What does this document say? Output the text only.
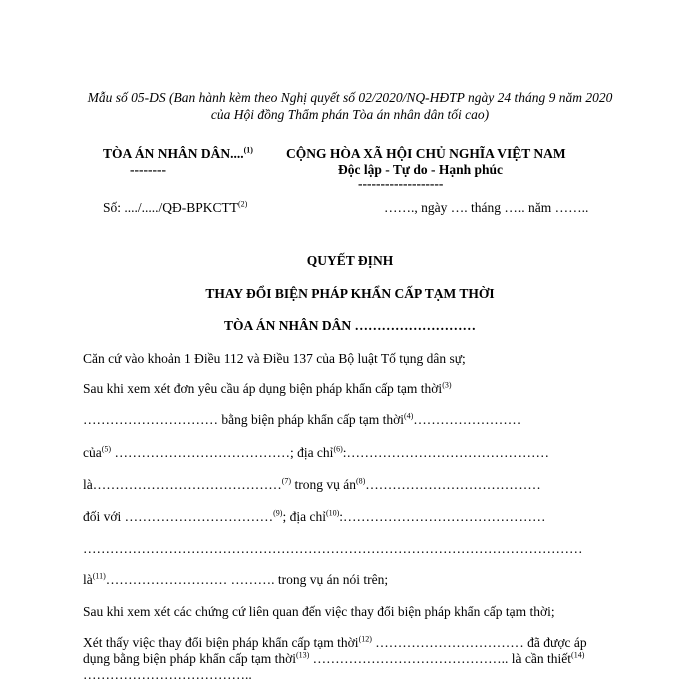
Mẫu số 05-DS (Ban hành kèm theo Nghị quyết số 02/2020/NQ-HĐTP ngày 24 tháng 9 năm 2020
của Hội đồng Thẩm phán Tòa án nhân dân tối cao)
TÒA ÁN NHÂN DÂN....$^{(1)}$
--------
CỘNG HÒA XÃ HỘI CHỦ NGHĨA VIỆT NAM
Độc lập - Tự do - Hạnh phúc
-------------------
Số: ..../...../QĐ-BPKCTT$^{(2)}$	……., ngày …. tháng ….. năm ……..
QUYẾT ĐỊNH
THAY ĐỔI BIỆN PHÁP KHẨN CẤP TẠM THỜI
TÒA ÁN NHÂN DÂN ………………………
Căn cứ vào khoản 1 Điều 112 và Điều 137 của Bộ luật Tố tụng dân sự;
Sau khi xem xét đơn yêu cầu áp dụng biện pháp khẩn cấp tạm thời$^{(3)}$
………………………… bằng biện pháp khẩn cấp tạm thời$^{(4)}$……………………
của$^{(5)}$ …………………………………; địa chỉ$^{(6)}$:………………………………………
là……………………………………$^{(7)}$ trong vụ $án^{(8)}\dots\dots\dots\dots\dots\dots\dots\dots\dots\dots\dots\dots\dots$
đối với ……………………………$^{(9)}$; địa chỉ$^{(10)}$:………………………………………
…………………………………………………………………………………………………
$là^{(11)}\dots\dots\dots\dots\dots\dots\dots\dots\dots$ ………. trong vụ án nói trên;
Sau khi xem xét các chứng cứ liên quan đến việc thay đổi biện pháp khẩn cấp tạm thời;
Xét thấy việc thay đổi biện pháp khẩn cấp tạm thời$^{(12)}$ …………………………… đã được áp
dụng bằng biện pháp khẩn cấp tạm thời$^{(13)}$ …………………………………….. là cần thiết$^{(14)}$
………………………………..
